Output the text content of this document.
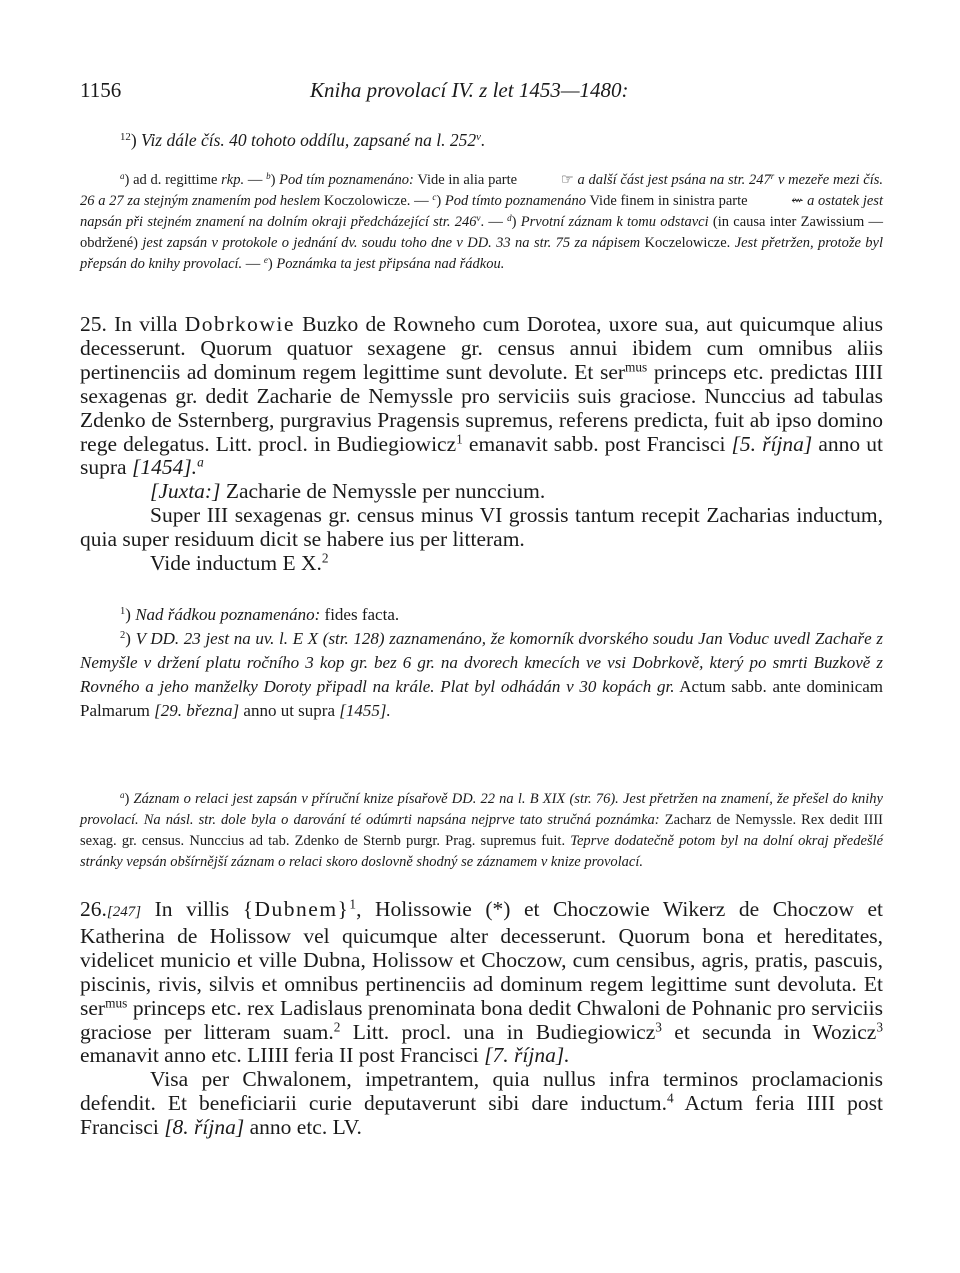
1156	Kniha provolací IV. z let 1453—1480:
$^{12}$) Viz dále čís. 40 tohoto oddílu, zapsané na l. 252$^v$.
$^a$) ad d. regittime rkp. — $^b$) Pod tím poznamenáno: Vide in alia parte	☞ a další část jest psána na str. 247$^r$ v mezeře mezi čís. 26 a 27 za stejným znamením pod heslem Koczolowicze. — $^c$) Pod tímto poznamenáno Vide finem in sinistra parte	⇜ a ostatek jest napsán při stejném znamení na dolním okraji předcházející str. 246$^v$. — $^d$) Prvotní záznam k tomu odstavci (in causa inter Zawissium — obdržené) jest zapsán v protokole o jednání dv. soudu toho dne v DD. 33 na str. 75 za nápisem Koczelowicze. Jest přetržen, protože byl přepsán do knihy provolací. — $^e$) Poznámka ta jest připsána nad řádkou.

25. In villa Dobrkowie Buzko de Rowneho cum Dorotea, uxore sua, aut quicumque alius decesserunt. Quorum quatuor sexagene gr. census annui ibidem cum omnibus aliis pertinenciis ad dominum regem legittime sunt devolute. Et ser$^{mus}$ princeps etc. predictas IIII sexagenas gr. dedit Zacharie de Nemyssle pro serviciis suis graciose. Nunccius ad tabulas Zdenko de Ssternberg, purgravius Pragensis supremus, referens predicta, fuit ab ipso domino rege delegatus. Litt. procl. in Budiegiowicz$^1$ emanavit sabb. post Francisci [5. října] anno ut supra [1454].$^a$

[Juxta:] Zacharie de Nemyssle per nunccium.

Super III sexagenas gr. census minus VI grossis tantum recepit Zacharias inductum, quia super residuum dicit se habere ius per litteram.

Vide inductum E X.$^2$

$^1$) Nad řádkou poznamenáno: fides facta.
$^2$) V DD. 23 jest na uv. l. E X (str. 128) zaznamenáno, že komorník dvorského soudu Jan Voduc uvedl Zachaře z Nemyšle v držení platu ročního 3 kop gr. bez 6 gr. na dvorech kmecích ve vsi Dobrkově, který po smrti Buzkově z Rovného a jeho manželky Doroty připadl na krále. Plat byl odhádán v 30 kopách gr. Actum sabb. ante dominicam Palmarum [29. března] anno ut supra [1455].
$^a$) Záznam o relaci jest zapsán v příruční knize písařově DD. 22 na l. B XIX (str. 76). Jest přetržen na znamení, že přešel do knihy provolací. Na násl. str. dole byla o darování té odúmrti napsána nejprve tato stručná poznámka: Zacharz de Nemyssle. Rex dedit IIII sexag. gr. census. Nunccius ad tab. Zdenko de Sternb purgr. Prag. supremus fuit. Teprve dodatečně potom byl na dolní okraj předešlé stránky vepsán obšírnější záznam o relaci skoro doslovně shodný se záznamem v knize provolací.

26.[247] In villis {Dubnem}$^1$, Holissowie (*) et Choczowie Wikerz de Choczow et Katherina de Holissow vel quicumque alter decesserunt. Quorum bona et hereditates, videlicet municio et ville Dubna, Holissow et Choczow, cum censibus, agris, pratis, pascuis, piscinis, rivis, silvis et omnibus pertinenciis ad dominum regem legittime sunt devoluta. Et ser$^{mus}$ princeps etc. rex Ladislaus prenominata bona dedit Chwaloni de Pohnanic pro serviciis graciose per litteram suam.$^2$ Litt. procl. una in Budiegiowicz$^3$ et secunda in Wozicz$^3$ emanavit anno etc. LIIII feria II post Francisci [7. října].

Visa per Chwalonem, impetrantem, quia nullus infra terminos proclamacionis defendit. Et beneficiarii curie deputaverunt sibi dare inductum.$^4$ Actum feria IIII post Francisci [8. října] anno etc. LV.
